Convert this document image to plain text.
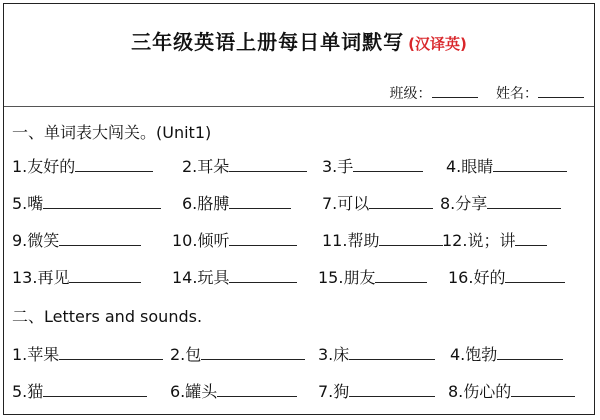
三年级英语上册每日单词默写 (汉译英)
班级：	姓名：
一、单词表大闯关。(Unit1)
1.友好的	2.耳朵	3.手	4.眼睛
5.嘴	6.胳膊	7.可以	8.分享
9.微笑	10.倾听	11.帮助	12.说；讲
13.再见	14.玩具	15.朋友	16.好的
二、Letters and sounds.
1.苹果	2.包	3.床	4.饱勃
5.猫	6.罐头	7.狗	8.伤心的
